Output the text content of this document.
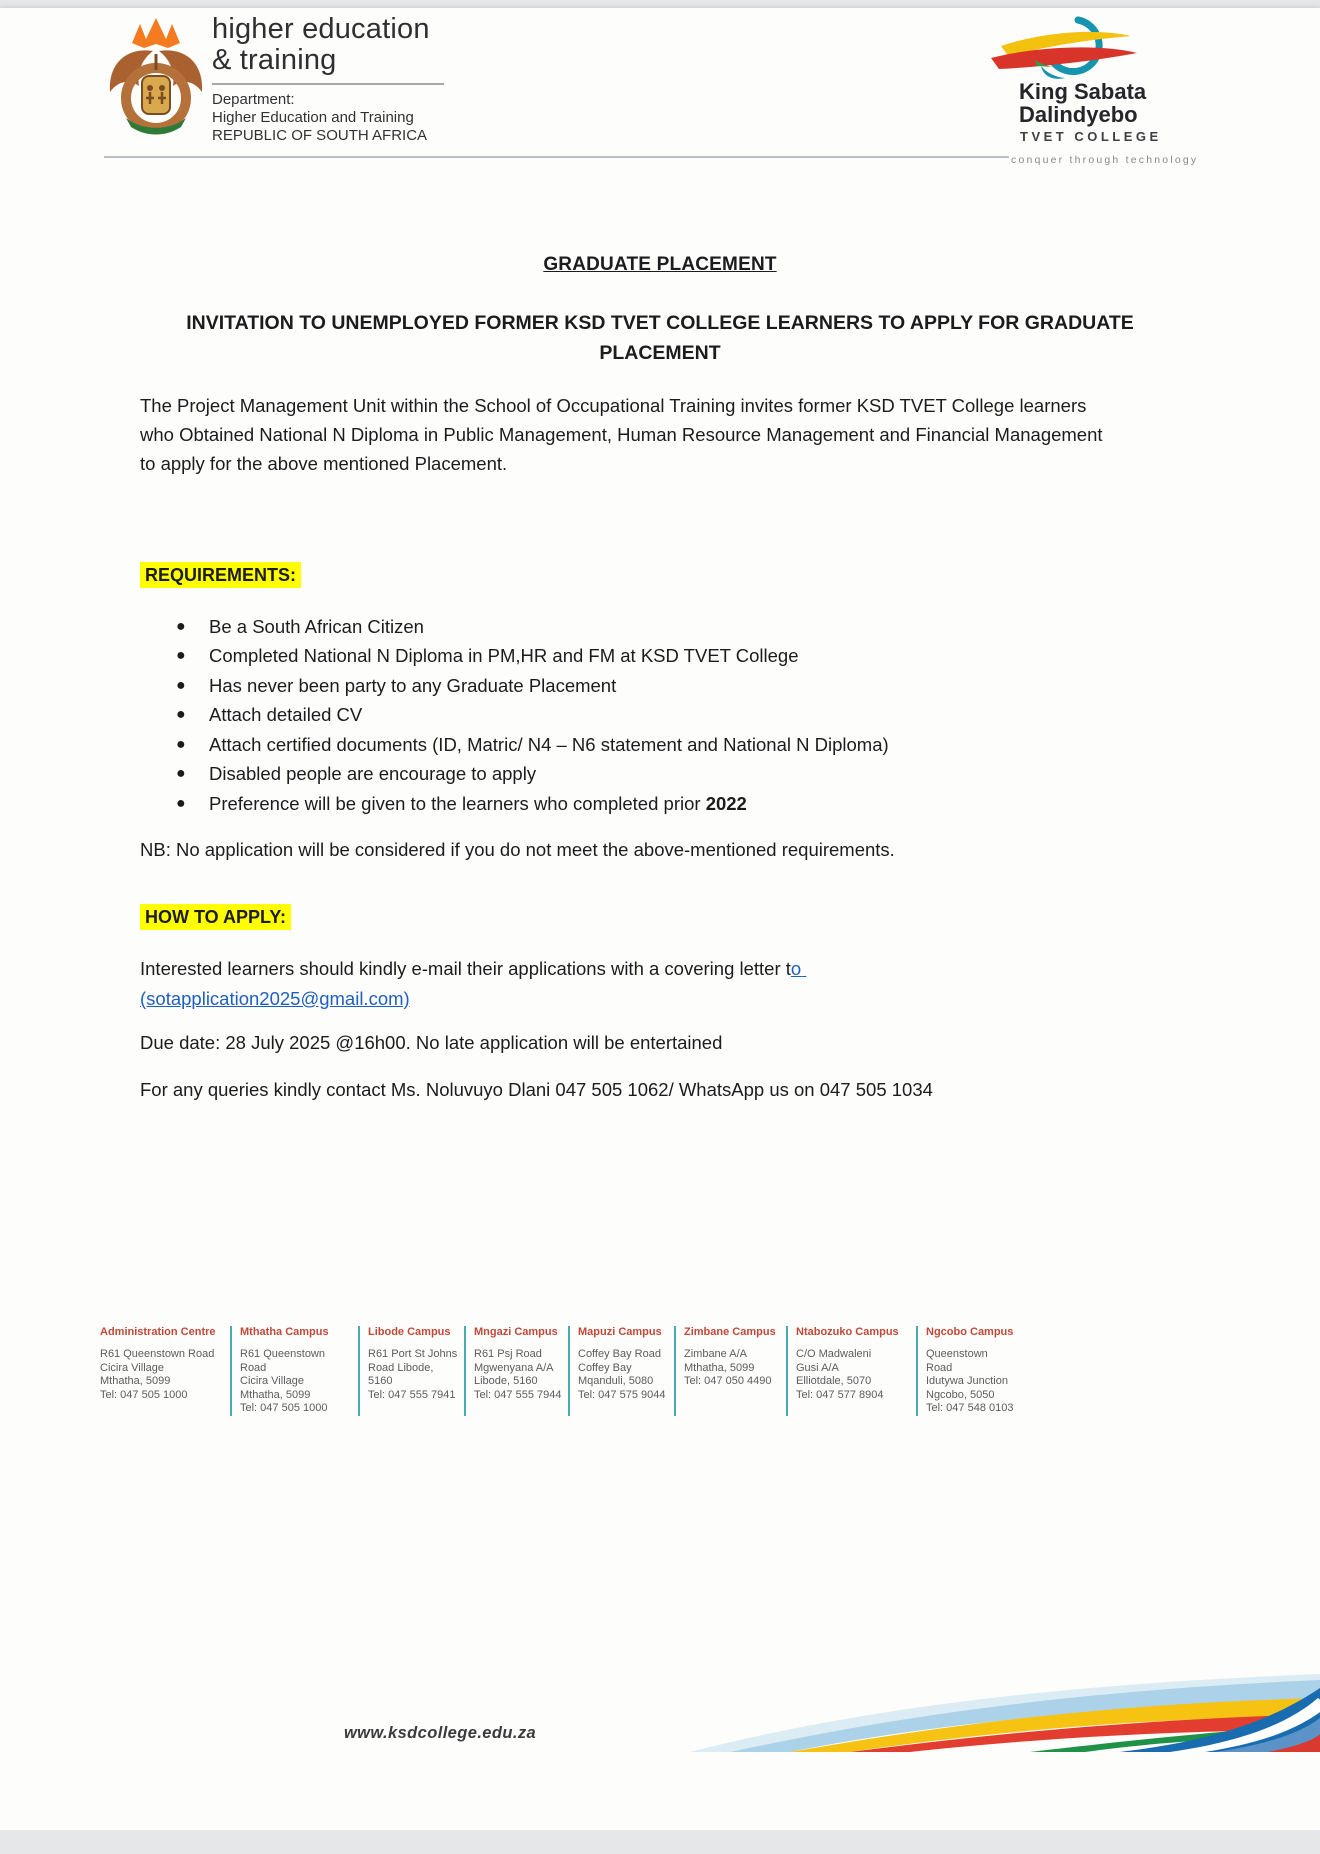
higher education
& training
Department:
Higher Education and Training
REPUBLIC OF SOUTH AFRICA
King Sabata
Dalindyebo
TVET COLLEGE
conquer through technology
GRADUATE PLACEMENT
INVITATION TO UNEMPLOYED FORMER KSD TVET COLLEGE LEARNERS TO APPLY FOR GRADUATE
PLACEMENT
The Project Management Unit within the School of Occupational Training invites former KSD TVET College learners who Obtained National N Diploma in Public Management, Human Resource Management and Financial Management to apply for the above mentioned Placement.
REQUIREMENTS:
●	Be a South African Citizen
●	Completed National N Diploma in PM,HR and FM at KSD TVET College
●	Has never been party to any Graduate Placement
●	Attach detailed CV
●	Attach certified documents (ID, Matric/ N4 – N6 statement and National N Diploma)
●	Disabled people are encourage to apply
●	Preference will be given to the learners who completed prior 2022
NB: No application will be considered if you do not meet the above-mentioned requirements.
HOW TO APPLY:
Interested learners should kindly e-mail their applications with a covering letter to
(sotapplication2025@gmail.com)
Due date: 28 July 2025 @16h00. No late application will be entertained
For any queries kindly contact Ms. Noluvuyo Dlani 047 505 1062/ WhatsApp us on 047 505 1034
Administration Centre
R61 Queenstown Road
Cicira Village
Mthatha, 5099
Tel: 047 505 1000
Mthatha Campus
R61 Queenstown Road
Cicira Village
Mthatha, 5099
Tel: 047 505 1000
Libode Campus
R61 Port St Johns
Road Libode, 5160
Tel: 047 555 7941
Mngazi Campus
R61 Psj Road
Mgwenyana A/A
Libode, 5160
Tel: 047 555 7944
Mapuzi Campus
Coffey Bay Road
Coffey Bay
Mqanduli, 5080
Tel: 047 575 9044
Zimbane Campus
Zimbane A/A
Mthatha, 5099
Tel: 047 050 4490
Ntabozuko Campus
C/O Madwaleni
Gusi A/A
Elliotdale, 5070
Tel: 047 577 8904
Ngcobo Campus
Queenstown Road
Idutywa Junction
Ngcobo, 5050
Tel: 047 548 0103
www.ksdcollege.edu.za
